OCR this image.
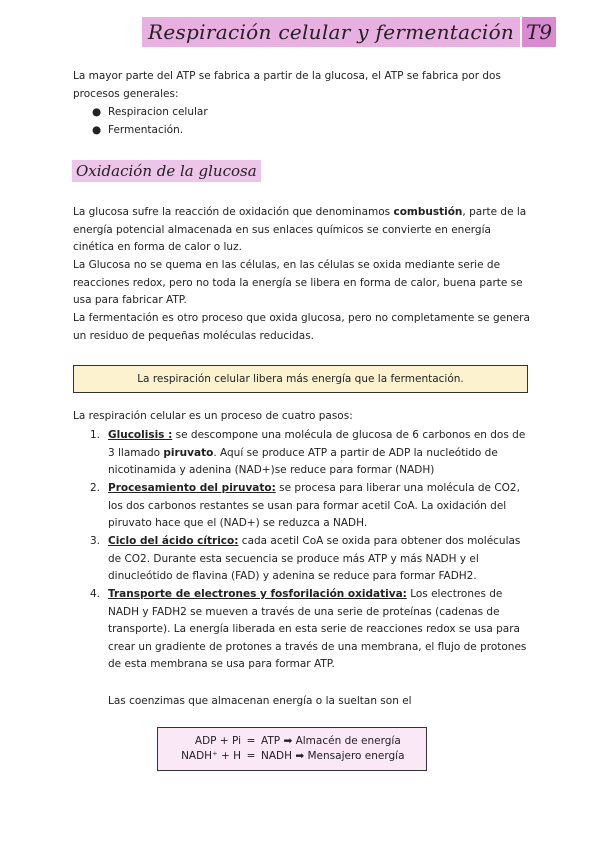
Respiración celular y fermentación T9
La mayor parte del ATP se fabrica a partir de la glucosa, el ATP se fabrica por dos procesos generales:
● Respiracion celular
● Fermentación.
Oxidación de la glucosa
La glucosa sufre la reacción de oxidación que denominamos combustión, parte de la energía potencial almacenada en sus enlaces químicos se convierte en energía cinética en forma de calor o luz.
La Glucosa no se quema en las células, en las células se oxida mediante serie de reacciones redox, pero no toda la energía se libera en forma de calor, buena parte se usa para fabricar ATP.
La fermentación es otro proceso que oxida glucosa, pero no completamente se genera un residuo de pequeñas moléculas reducidas.
La respiración celular libera más energía que la fermentación.
La respiración celular es un proceso de cuatro pasos:
1. Glucolisis : se descompone una molécula de glucosa de 6 carbonos en dos de 3 llamado piruvato. Aquí se produce ATP a partir de ADP la nucleótido de nicotinamida y adenina (NAD+)se reduce para formar (NADH)
2. Procesamiento del piruvato: se procesa para liberar una molécula de CO2, los dos carbonos restantes se usan para formar acetil CoA. La oxidación del piruvato hace que el (NAD+) se reduzca a NADH.
3. Ciclo del ácido cítrico: cada acetil CoA se oxida para obtener dos moléculas de CO2. Durante esta secuencia se produce más ATP y más NADH y el dinucleótido de flavina (FAD) y adenina se reduce para formar FADH2.
4. Transporte de electrones y fosforilación oxidativa: Los electrones de NADH y FADH2 se mueven a través de una serie de proteínas (cadenas de transporte). La energía liberada en esta serie de reacciones redox se usa para crear un gradiente de protones a través de una membrana, el flujo de protones de esta membrana se usa para formar ATP.
Las coenzimas que almacenan energía o la sueltan son el
ADP + Pi = ATP ➡ Almacén de energía
NADH⁺ + H = NADH ➡ Mensajero energía
